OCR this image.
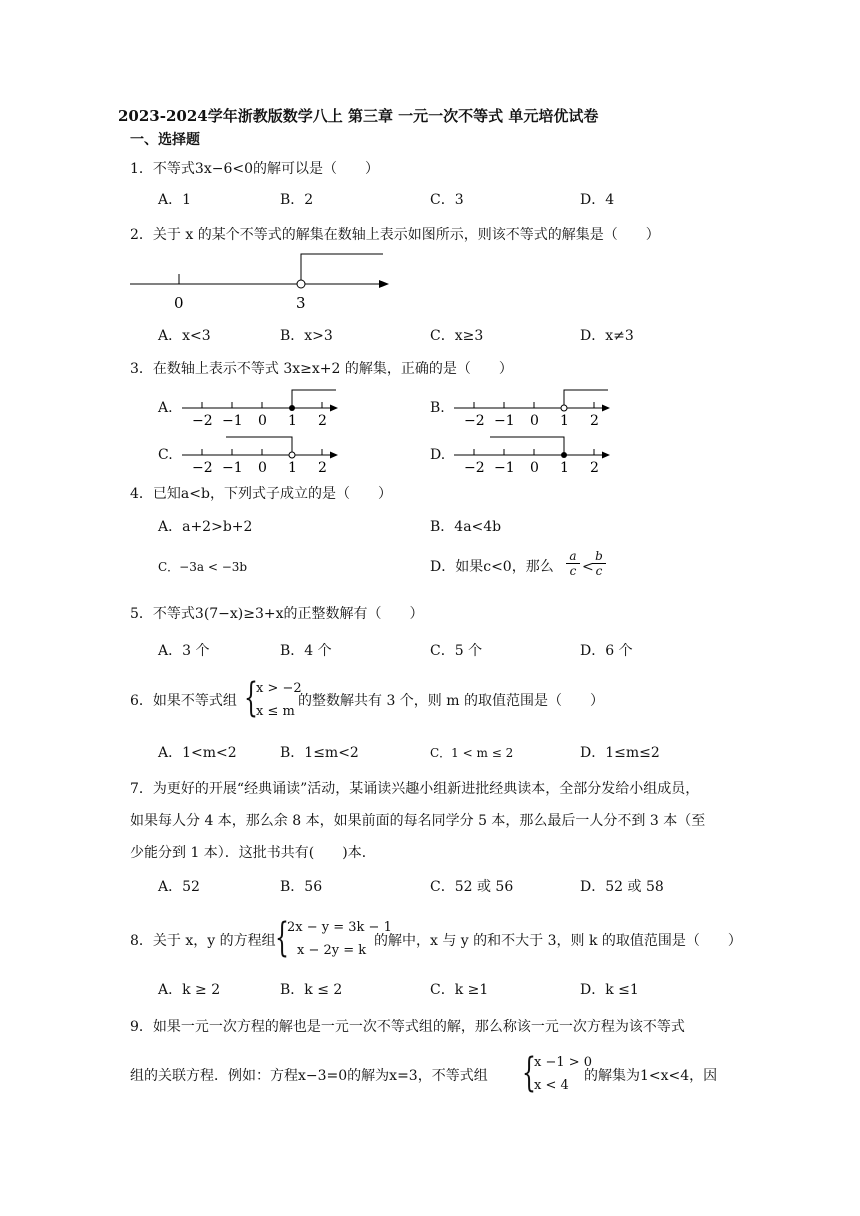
2023-2024学年浙教版数学八上 第三章 一元一次不等式 单元培优试卷
一、选择题
1．不等式3x−6<0的解可以是（　　）
A．1	B．2	C．3	D．4
2．关于 x 的某个不等式的解集在数轴上表示如图所示，则该不等式的解集是（　　）
0	3
A．x<3	B．x>3	C．x≥3	D．x≠3
3．在数轴上表示不等式 3x≥x+2 的解集，正确的是（　　）
A.
−2 −1 0 1 2
B.
−2 −1 0 1 2
C.
−2 −1 0 1 2
D.
−2 −1 0 1 2
4．已知a<b，下列式子成立的是（　　）
A．a+2>b+2	B．4a<4b
C．−3a < −3b	D．如果c<0，那么 $\frac{a}{c}$ <
$\frac{b}{c}$
5．不等式3(7−x)≥3+x的正整数解有（　　）
A．3 个	B．4 个	C．5 个	D．6 个
6．如果不等式组 {
x > −2
x ≤ m
的整数解共有 3 个，则 m 的取值范围是（　　）
A．1<m<2	B．1≤m<2	C．1 < m ≤ 2	D．1≤m≤2
7．为更好的开展“经典诵读”活动，某诵读兴趣小组新进批经典读本，全部分发给小组成员，
如果每人分 4 本，那么余 8 本，如果前面的每名同学分 5 本，那么最后一人分不到 3 本（至
少能分到 1 本）．这批书共有(　　)本．
A．52	B．56	C．52 或 56	D．52 或 58
8．关于 x，y 的方程组 {
2x − y = 3k − 1
x − 2y = k
的解中，x 与 y 的和不大于 3，则 k 的取值范围是（　　）
A．k ≥ 2	B．k ≤ 2	C．k ≥1	D．k ≤1
9．如果一元一次方程的解也是一元一次不等式组的解，那么称该一元一次方程为该不等式
组的关联方程．例如：方程x−3=0的解为x=3，不等式组 {
x −1 > 0
x < 4
的解集为1<x<4，因
